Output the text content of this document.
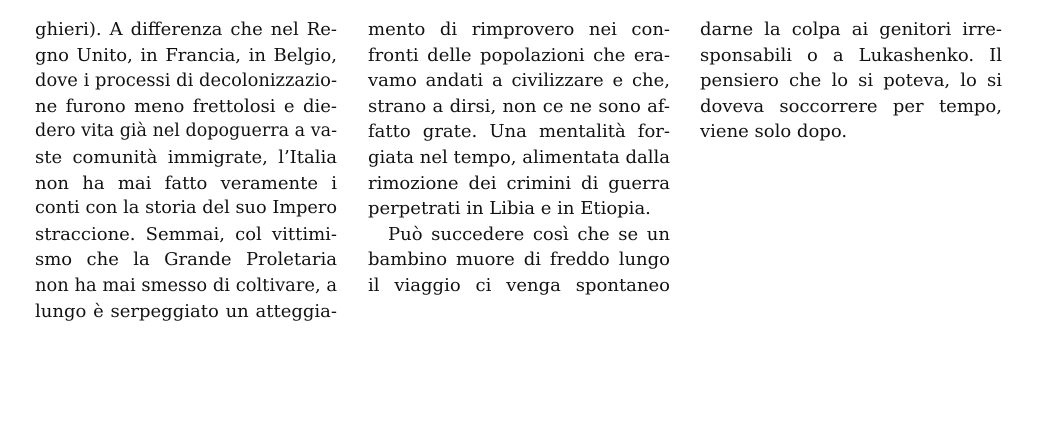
ghieri). A differenza che nel Re-
gno Unito, in Francia, in Belgio,
dove i processi di decolonizzazio-
ne furono meno frettolosi e die-
dero vita già nel dopoguerra a va-
ste comunità immigrate, l’Italia
non ha mai fatto veramente i
conti con la storia del suo Impero
straccione. Semmai, col vittimi-
smo che la Grande Proletaria
non ha mai smesso di coltivare, a
lungo è serpeggiato un atteggia-
mento di rimprovero nei con-
fronti delle popolazioni che era-
vamo andati a civilizzare e che,
strano a dirsi, non ce ne sono af-
fatto grate. Una mentalità for-
giata nel tempo, alimentata dalla
rimozione dei crimini di guerra
perpetrati in Libia e in Etiopia.
Può succedere così che se un
bambino muore di freddo lungo
il viaggio ci venga spontaneo
darne la colpa ai genitori irre-
sponsabili o a Lukashenko. Il
pensiero che lo si poteva, lo si
doveva soccorrere per tempo,
viene solo dopo.
